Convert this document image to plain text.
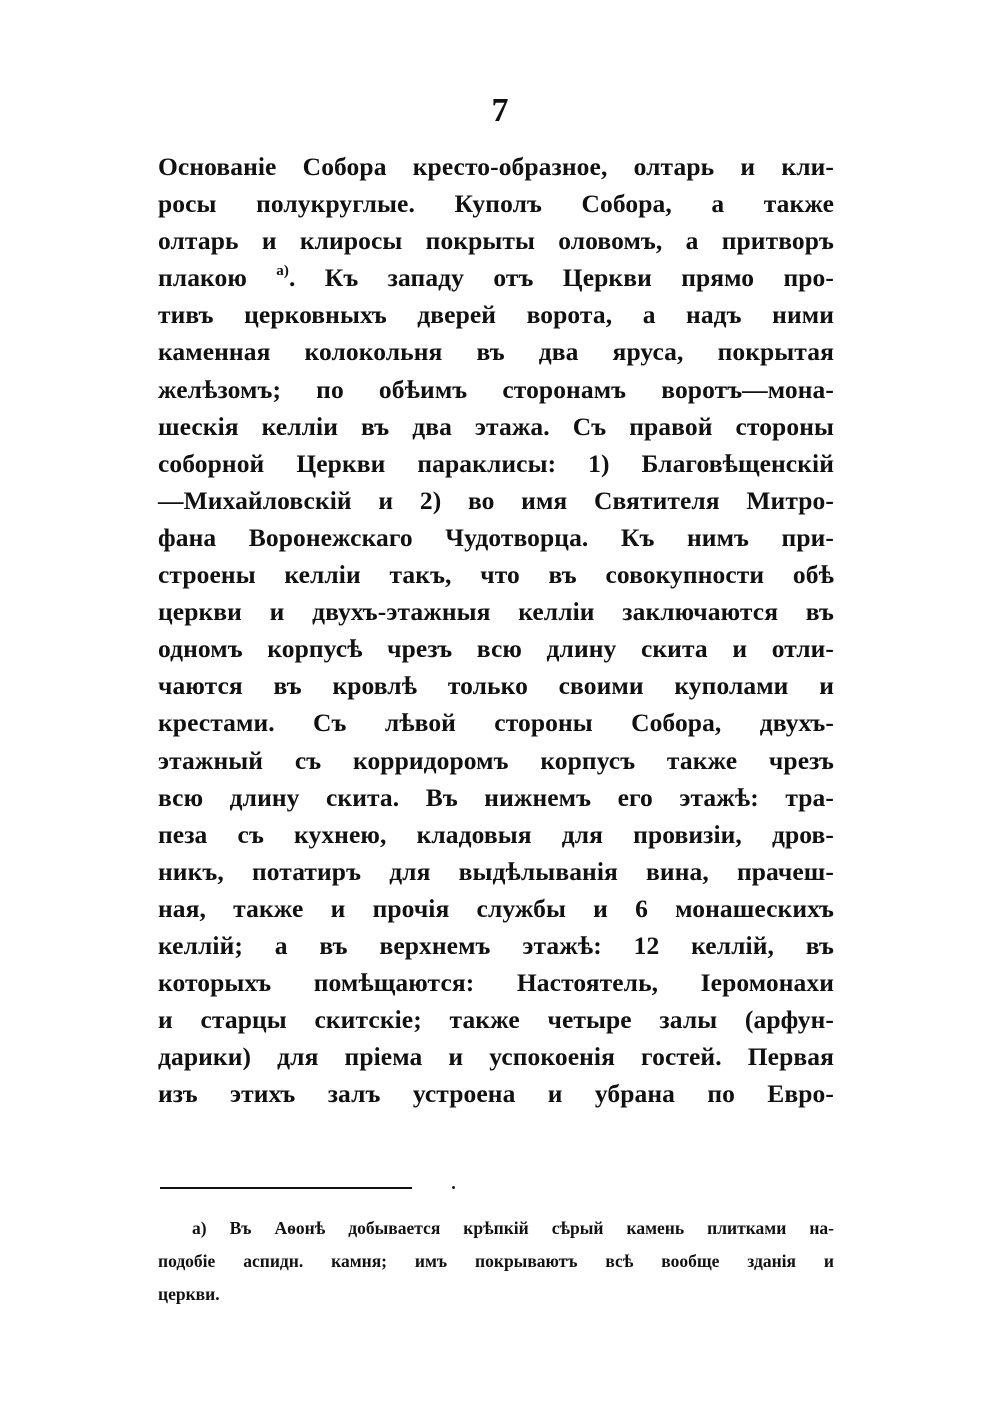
7
Основаніе Собора кресто-образное, олтарь и кли-
росы полукруглые. Куполъ Собора, а также
олтарь и клиросы покрыты оловомъ, а притворъ
плакою $^{а)}$. Къ западу отъ Церкви прямо про-
тивъ церковныхъ дверей ворота, а надъ ними
каменная колокольня въ два яруса, покрытая
желѣзомъ; по обѣимъ сторонамъ воротъ—мона-
шескія келліи въ два этажа. Съ правой стороны
соборной Церкви параклисы: 1) Благовѣщенскій
—Михайловскій и 2) во имя Святителя Митро-
фана Воронежскаго Чудотворца. Къ нимъ при-
строены келліи такъ, что въ совокупности обѣ
церкви и двухъ-этажныя келліи заключаются въ
одномъ корпусѣ чрезъ всю длину скита и отли-
чаются въ кровлѣ только своими куполами и
крестами. Съ лѣвой стороны Собора, двухъ-
этажный съ корридоромъ корпусъ также чрезъ
всю длину скита. Въ нижнемъ его этажѣ: тра-
пеза съ кухнею, кладовыя для провизіи, дров-
никъ, потатиръ для выдѣлыванія вина, прачеш-
ная, также и прочія службы и 6 монашескихъ
келлій; а въ верхнемъ этажѣ: 12 келлій, въ
которыхъ помѣщаются: Настоятель, Іеромонахи
и старцы скитскіе; также четыре залы (арфун-
дарики) для пріема и успокоенія гостей. Первая
изъ этихъ залъ устроена и убрана по Евро-
а) Въ Аѳонѣ добывается крѣпкій сѣрый камень плитками на-
подобіе аспидн. камня; имъ покрываютъ всѣ вообще зданія и
церкви.
